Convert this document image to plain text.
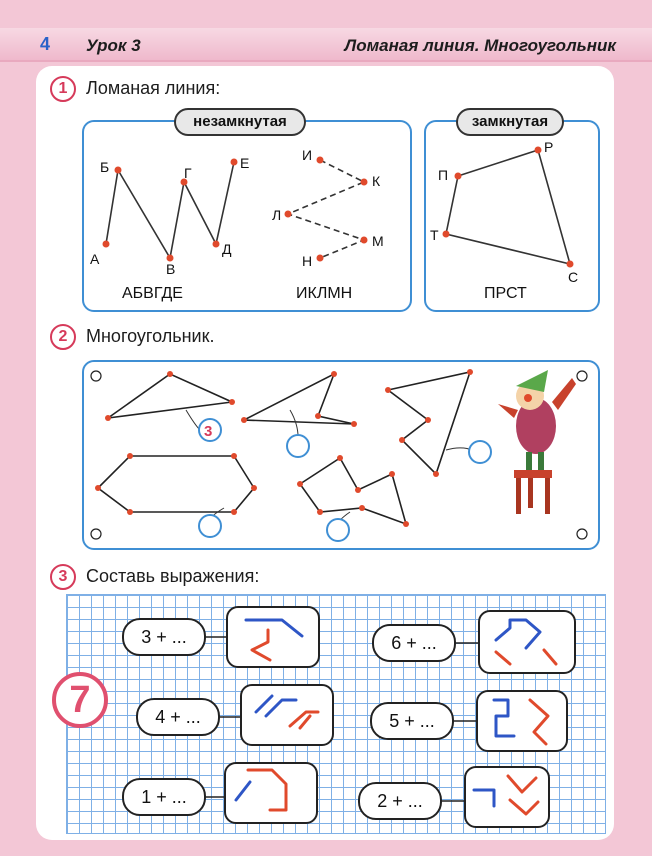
4 Урок 3	Ломаная линия. Многоугольник
1	Ломаная линия:
незамкнутая	замкнутая
А
Б
В
Г
Д
Е
АБВГДЕ
И
К
Л
М
Н
ИКЛМН
П
Р
С
Т
ПРСТ
2	Многоугольник.
3
3	Составь выражения:
7
3 + ...
4 + ...
1 + ...
6 + ...
5 + ...
2 + ...
